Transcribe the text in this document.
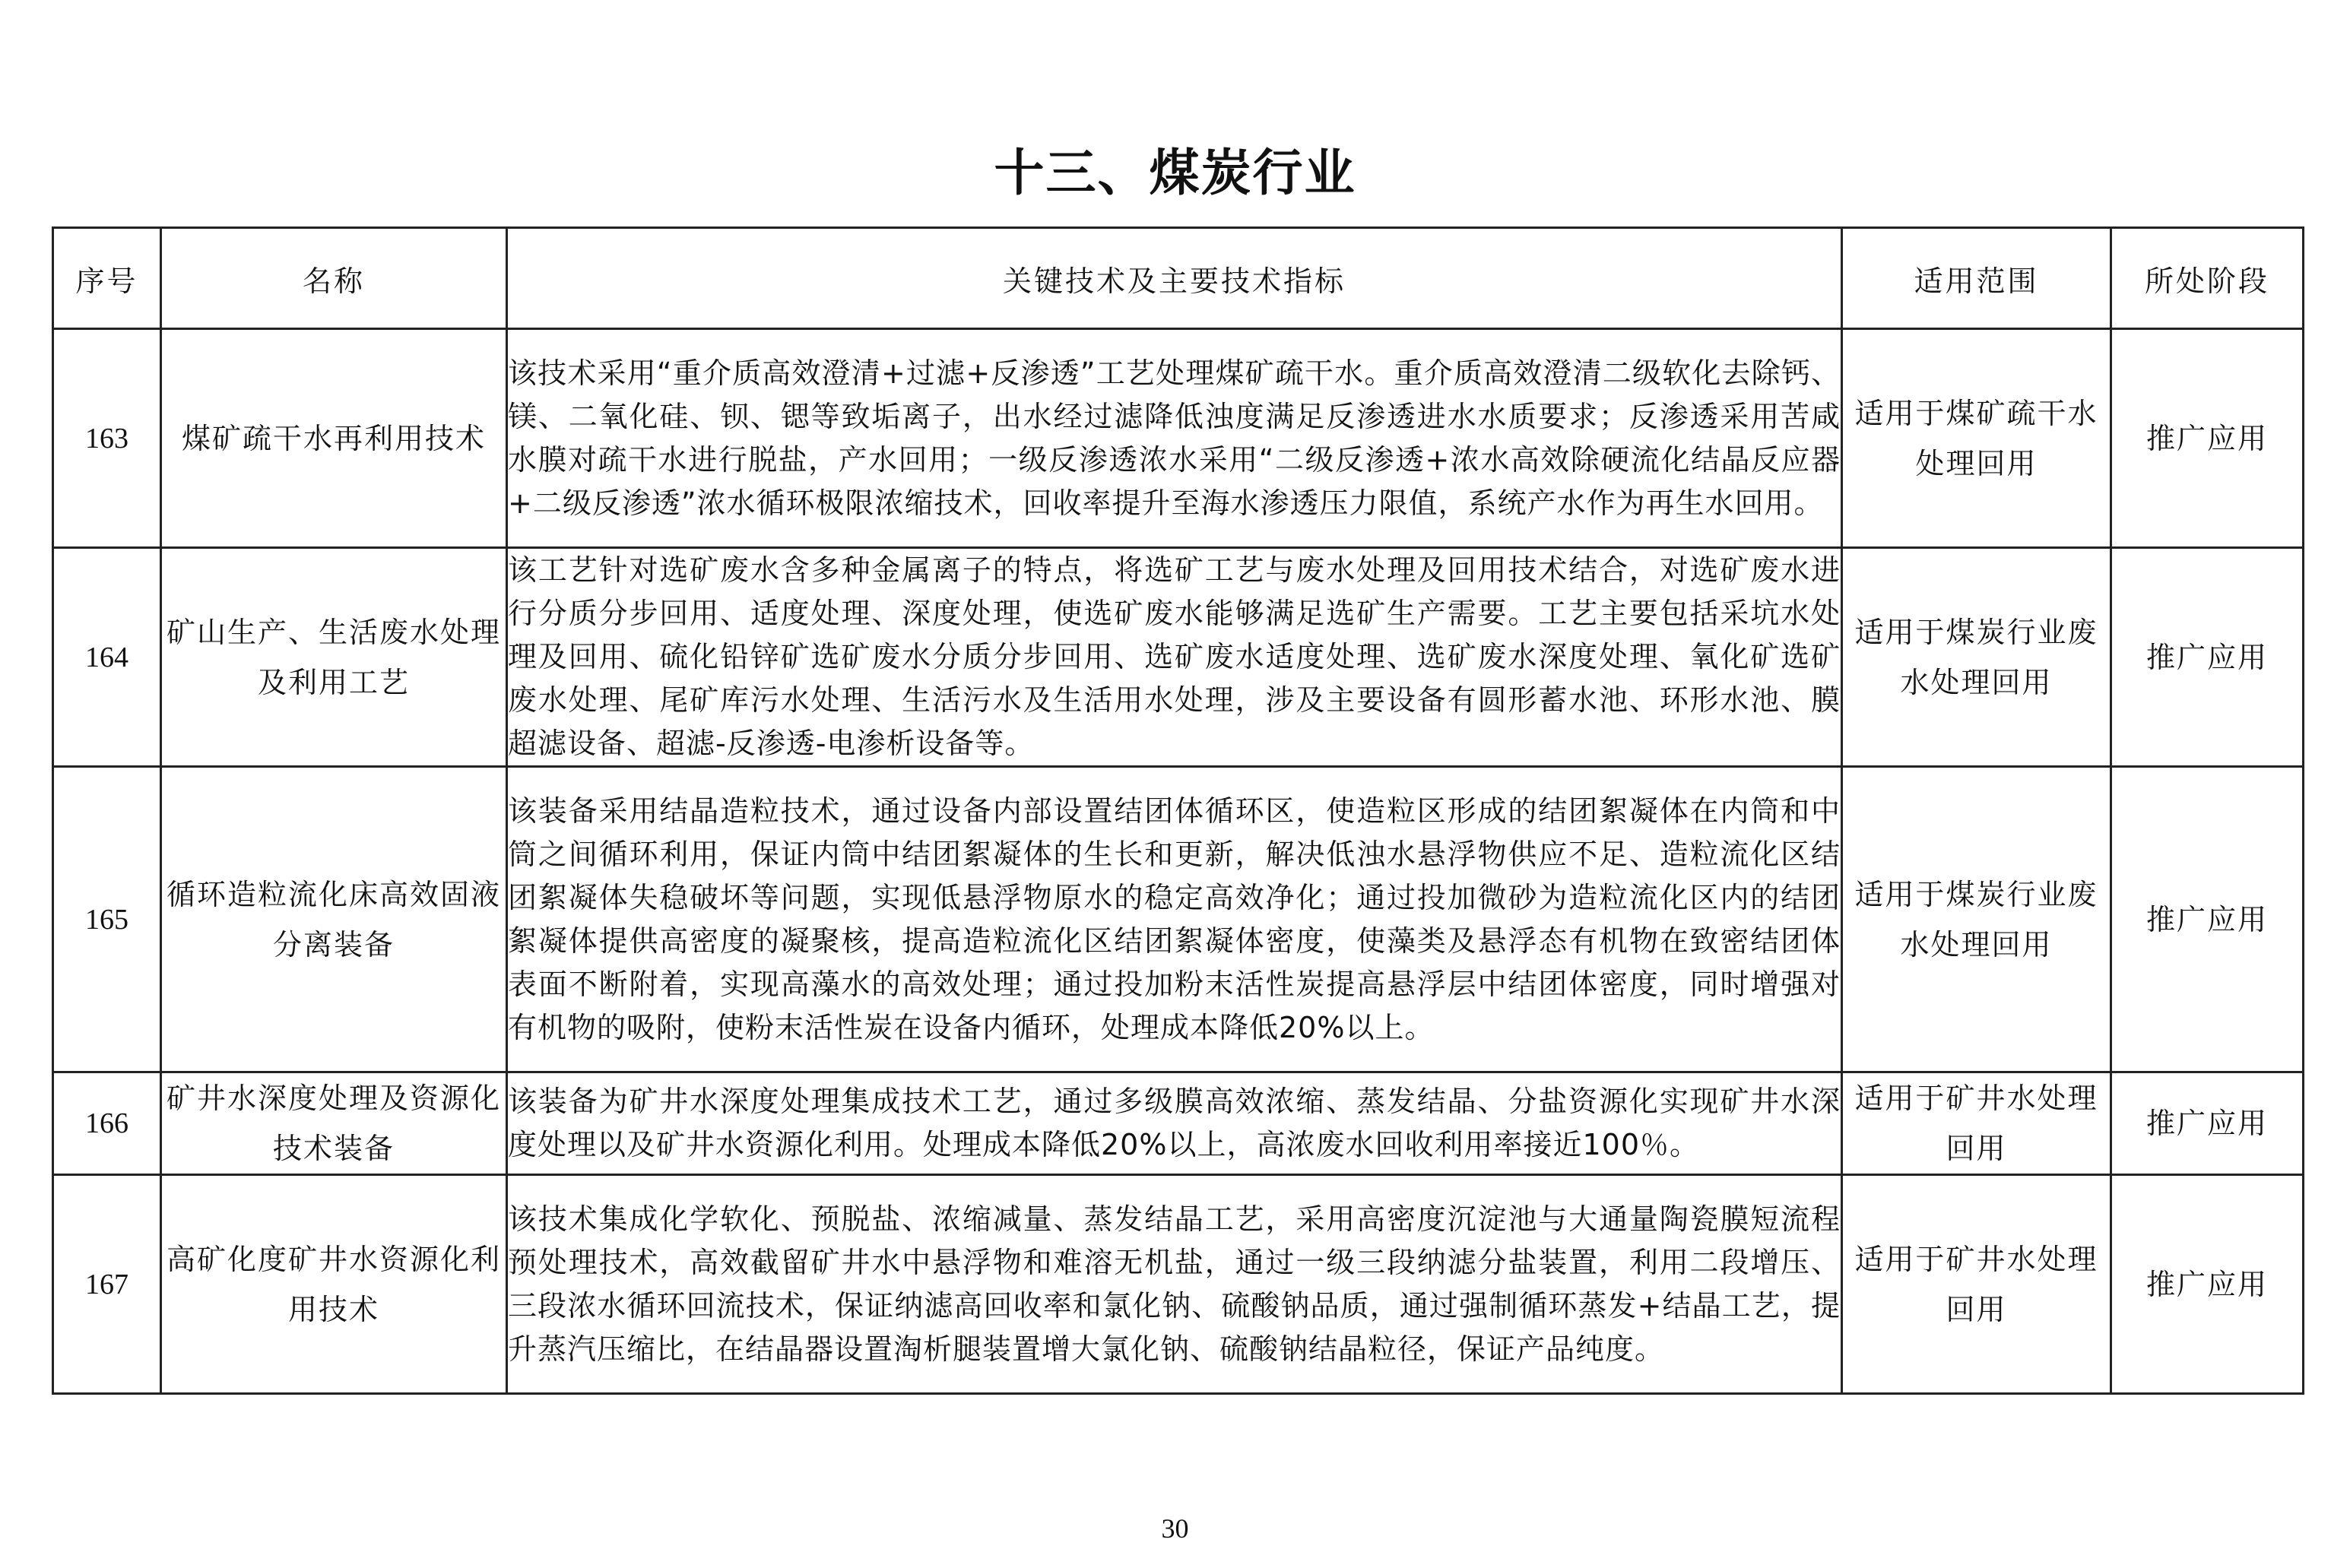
十三、煤炭行业
序号	名称	关键技术及主要技术指标	适用范围	所处阶段
163	煤矿疏干水再利用技术	该技术采用“重介质高效澄清+过滤+反渗透”工艺处理煤矿疏干水。重介质高效澄清二级软化去除钙、镁、二氧化硅、钡、锶等致垢离子，出水经过滤降低浊度满足反渗透进水水质要求；反渗透采用苦咸水膜对疏干水进行脱盐，产水回用；一级反渗透浓水采用“二级反渗透+浓水高效除硬流化结晶反应器+二级反渗透”浓水循环极限浓缩技术，回收率提升至海水渗透压力限值，系统产水作为再生水回用。	适用于煤矿疏干水处理回用	推广应用
164	矿山生产、生活废水处理及利用工艺	该工艺针对选矿废水含多种金属离子的特点，将选矿工艺与废水处理及回用技术结合，对选矿废水进行分质分步回用、适度处理、深度处理，使选矿废水能够满足选矿生产需要。工艺主要包括采坑水处理及回用、硫化铅锌矿选矿废水分质分步回用、选矿废水适度处理、选矿废水深度处理、氧化矿选矿废水处理、尾矿库污水处理、生活污水及生活用水处理，涉及主要设备有圆形蓄水池、环形水池、膜超滤设备、超滤-反渗透-电渗析设备等。	适用于煤炭行业废水处理回用	推广应用
165	循环造粒流化床高效固液分离装备	该装备采用结晶造粒技术，通过设备内部设置结团体循环区，使造粒区形成的结团絮凝体在内筒和中筒之间循环利用，保证内筒中结团絮凝体的生长和更新，解决低浊水悬浮物供应不足、造粒流化区结团絮凝体失稳破坏等问题，实现低悬浮物原水的稳定高效净化；通过投加微砂为造粒流化区内的结团絮凝体提供高密度的凝聚核，提高造粒流化区结团絮凝体密度，使藻类及悬浮态有机物在致密结团体表面不断附着，实现高藻水的高效处理；通过投加粉末活性炭提高悬浮层中结团体密度，同时增强对有机物的吸附，使粉末活性炭在设备内循环，处理成本降低20%以上。	适用于煤炭行业废水处理回用	推广应用
166	矿井水深度处理及资源化技术装备	该装备为矿井水深度处理集成技术工艺，通过多级膜高效浓缩、蒸发结晶、分盐资源化实现矿井水深度处理以及矿井水资源化利用。处理成本降低20%以上，高浓废水回收利用率接近100％。	适用于矿井水处理回用	推广应用
167	高矿化度矿井水资源化利用技术	该技术集成化学软化、预脱盐、浓缩减量、蒸发结晶工艺，采用高密度沉淀池与大通量陶瓷膜短流程预处理技术，高效截留矿井水中悬浮物和难溶无机盐，通过一级三段纳滤分盐装置，利用二段增压、三段浓水循环回流技术，保证纳滤高回收率和氯化钠、硫酸钠品质，通过强制循环蒸发+结晶工艺，提升蒸汽压缩比，在结晶器设置淘析腿装置增大氯化钠、硫酸钠结晶粒径，保证产品纯度。	适用于矿井水处理回用	推广应用
30
